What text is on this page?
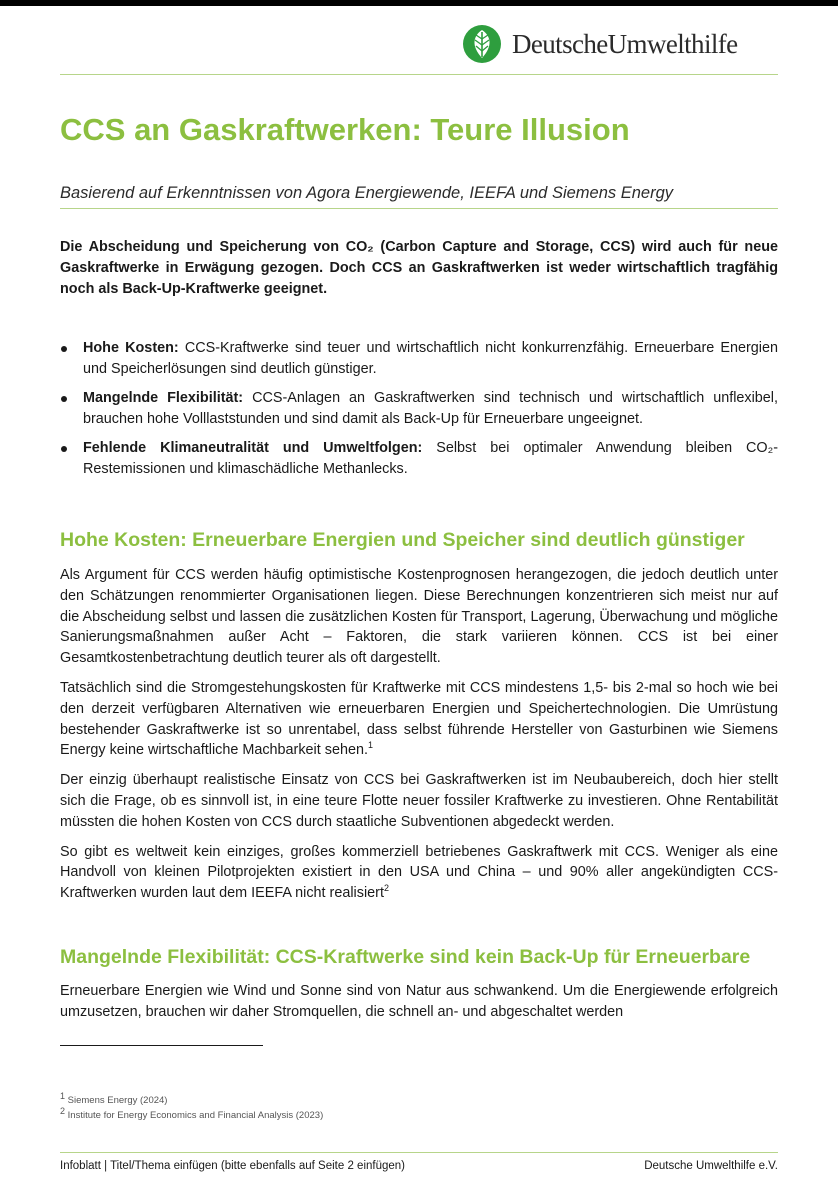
DeutscheUmwelthilfe
CCS an Gaskraftwerken: Teure Illusion

Basierend auf Erkenntnissen von Agora Energiewende, IEEFA und Siemens Energy

Die Abscheidung und Speicherung von CO₂ (Carbon Capture and Storage, CCS) wird auch für neue Gaskraftwerke in Erwägung gezogen. Doch CCS an Gaskraftwerken ist weder wirtschaftlich tragfähig noch als Back-Up-Kraftwerke geeignet.

Hohe Kosten: CCS-Kraftwerke sind teuer und wirtschaftlich nicht konkurrenzfähig. Erneuerbare Energien und Speicherlösungen sind deutlich günstiger.
Mangelnde Flexibilität: CCS-Anlagen an Gaskraftwerken sind technisch und wirtschaftlich unflexibel, brauchen hohe Volllaststunden und sind damit als Back-Up für Erneuerbare ungeeignet.
Fehlende Klimaneutralität und Umweltfolgen: Selbst bei optimaler Anwendung bleiben CO₂-Restemissionen und klimaschädliche Methanlecks.
Hohe Kosten: Erneuerbare Energien und Speicher sind deutlich günstiger

Als Argument für CCS werden häufig optimistische Kostenprognosen herangezogen, die jedoch deutlich unter den Schätzungen renommierter Organisationen liegen. Diese Berechnungen konzentrieren sich meist nur auf die Abscheidung selbst und lassen die zusätzlichen Kosten für Transport, Lagerung, Überwachung und mögliche Sanierungsmaßnahmen außer Acht – Faktoren, die stark variieren können. CCS ist bei einer Gesamtkostenbetrachtung deutlich teurer als oft dargestellt.

Tatsächlich sind die Stromgestehungskosten für Kraftwerke mit CCS mindestens 1,5- bis 2-mal so hoch wie bei den derzeit verfügbaren Alternativen wie erneuerbaren Energien und Speichertechnologien. Die Umrüstung bestehender Gaskraftwerke ist so unrentabel, dass selbst führende Hersteller von Gasturbinen wie Siemens Energy keine wirtschaftliche Machbarkeit sehen.$^1$

Der einzig überhaupt realistische Einsatz von CCS bei Gaskraftwerken ist im Neubaubereich, doch hier stellt sich die Frage, ob es sinnvoll ist, in eine teure Flotte neuer fossiler Kraftwerke zu investieren. Ohne Rentabilität müssten die hohen Kosten von CCS durch staatliche Subventionen abgedeckt werden.

So gibt es weltweit kein einziges, großes kommerziell betriebenes Gaskraftwerk mit CCS. Weniger als eine Handvoll von kleinen Pilotprojekten existiert in den USA und China – und 90% aller angekündigten CCS-Kraftwerken wurden laut dem IEEFA nicht realisiert$^2$

Mangelnde Flexibilität: CCS-Kraftwerke sind kein Back-Up für Erneuerbare

Erneuerbare Energien wie Wind und Sonne sind von Natur aus schwankend. Um die Energiewende erfolgreich umzusetzen, brauchen wir daher Stromquellen, die schnell an- und abgeschaltet werden

$^1$ Siemens Energy (2024)
$^2$ Institute for Energy Economics and Financial Analysis (2023)
Infoblatt | Titel/Thema einfügen (bitte ebenfalls auf Seite 2 einfügen)	Deutsche Umwelthilfe e.V.
